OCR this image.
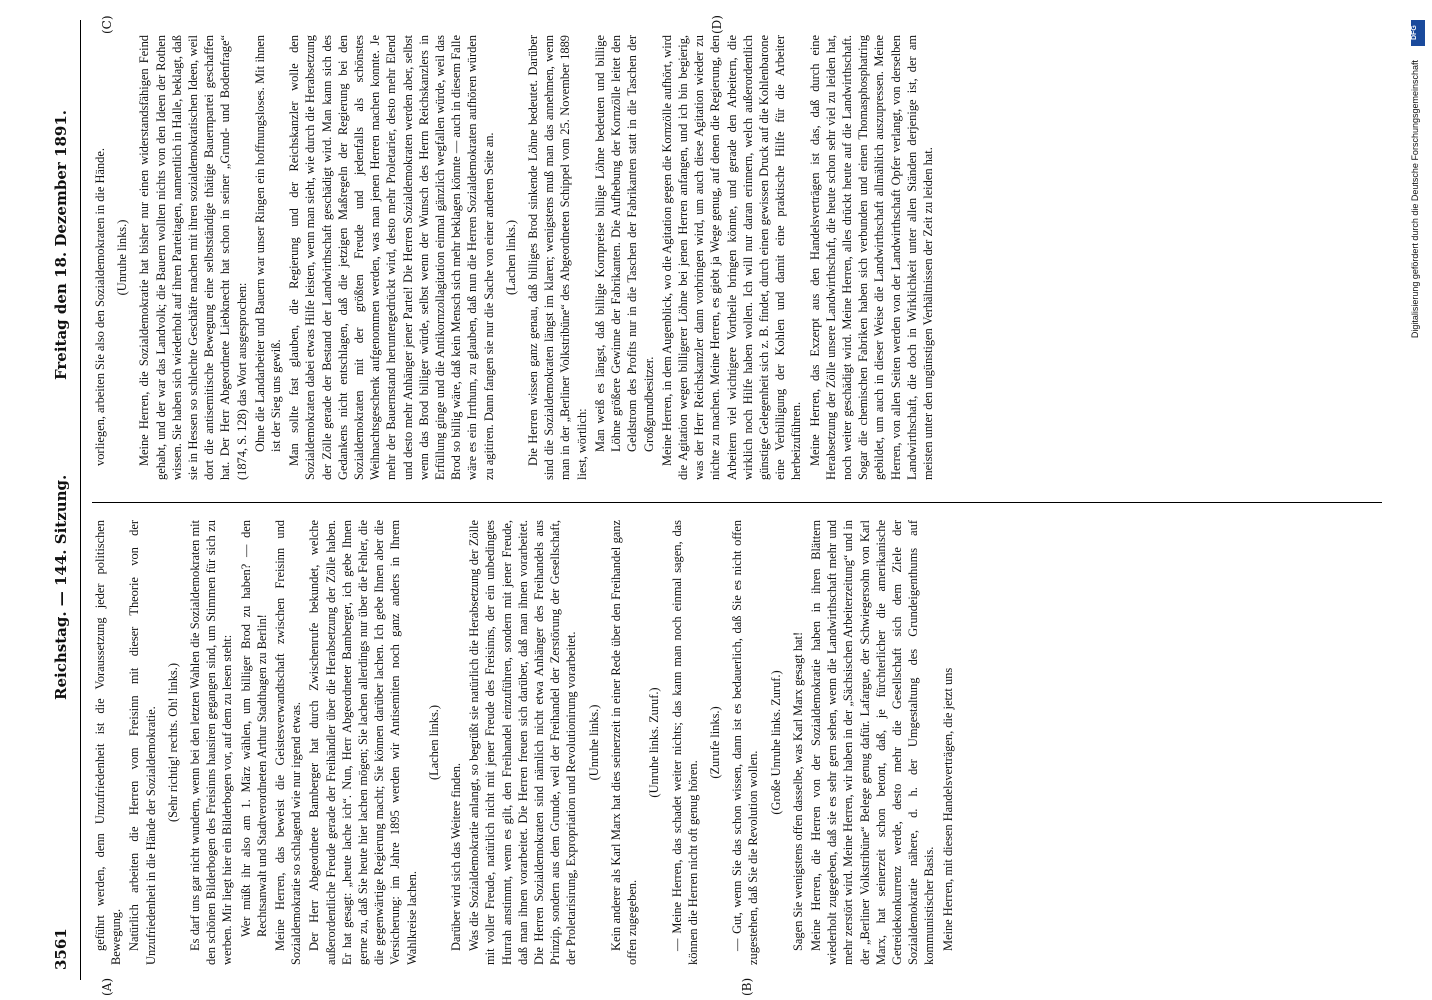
3561
Reichstag. — 144. Sitzung.
Freitag den 18. Dezember 1891.
(A)	(B)
(C)	(D)

geführt werden, denn Unzufriedenheit ist die Voraussetzung jeder politischen Bewegung. Natürlich arbeiten die Herren vom Freisinn mit dieser Theorie von der Unzufriedenheit in die Hände der Sozialdemokratie. (Sehr richtig! rechts. Oh! links.) Es darf uns gar nicht wundern, wenn bei den letzten Wahlen die Sozialdemokraten mit den schönen Bilderbogen des Freisinns hausiren gegangen sind, um Stimmen für sich zu werben. Mir liegt hier ein Bilderbogen vor, auf dem zu lesen steht: Wer müßt ihr also am 1. März wählen, um billiger Brod zu haben? — den Rechtsanwalt und Stadtverordneten Arthur Stadthagen zu Berlin! Meine Herren, das beweist die Geistesverwandtschaft zwischen Freisinn und Sozialdemokratie so schlagend wie nur irgend etwas. Der Herr Abgeordnete Bamberger hat durch Zwischenrufe bekundet, welche außerordentliche Freude gerade der Freihändler über die Herabsetzung der Zölle haben. Er hat gesagt: „heute lache ich“. Nun, Herr Abgeordneter Bamberger, ich gebe Ihnen gerne zu, daß Sie heute hier lachen mögen; Sie lachen allerdings nur über die Fehler, die die gegenwärtige Regierung macht; Sie können darüber lachen. Ich gebe Ihnen aber die Versicherung: im Jahre 1895 werden wir Antisemiten noch ganz anders in Ihrem Wahlkreise lachen.

(Lachen links.)

Darüber wird sich das Weitere finden. Was die Sozialdemokratie anlangt, so begrüßt sie natürlich die Herabsetzung der Zölle mit voller Freude, natürlich nicht mit jener Freude des Freisinns, der ein unbedingtes Hurrah anstimmt, wenn es gilt, den Freihandel einzuführen, sondern mit jener Freude, daß man ihnen vorarbeitet. Die Herren freuen sich darüber, daß man ihnen vorarbeitet. Die Herren Sozialdemokraten sind nämlich nicht etwa Anhänger des Freihandels aus Prinzip, sondern aus dem Grunde, weil der Freihandel der Zerstörung der Gesellschaft, der Proletarisirung, Expropriation und Revolutionirung vorarbeitet. (Unruhe links.) Kein anderer als Karl Marx hat dies seinerzeit in einer Rede über den Freihandel ganz offen zugegeben.

(Unruhe links. Zuruf.) — Meine Herren, das schadet weiter nichts; das kann man noch einmal sagen, das können die Herren nicht oft genug hören.

(Zurufe links.) — Gut, wenn Sie das schon wissen, dann ist es bedauerlich, daß Sie es nicht offen zugestehen, daß Sie die Revolution wollen.

(Große Unruhe links. Zuruf.) Sagen Sie wenigstens offen dasselbe, was Karl Marx gesagt hat! Meine Herren, die Herren von der Sozialdemokratie haben in ihren Blättern wiederholt zugegeben, daß sie es sehr gern sehen, wenn die Landwirthschaft mehr und mehr zerstört wird. Meine Herren, wir haben in der „Sächsischen Arbeiterzeitung“ und in der „Berliner Volkstribüne“ Belege genug dafür. Lafargue, der Schwiegersohn von Karl Marx, hat seinerzeit schon betont, daß, je fürchterlicher die amerikanische Getreidekonkurrenz werde, desto mehr die Gesellschaft sich dem Ziele der Sozialdemokratie nähere, d. h. der Umgestaltung des Grundeigenthums auf kommunistischer Basis. Meine Herren, mit diesen Handelsverträgen, die jetzt uns

vorliegen, arbeiten Sie also den Sozialdemokraten in die Hände. (Unruhe links.) Meine Herren, die Sozialdemokratie hat bisher nur einen widerstandsfähigen Feind gehabt, und der war das Landvolk; die Bauern wollten nichts von den Ideen der Rothen wissen. Sie haben sich wiederholt auf ihren Parteitagen, namentlich in Halle, beklagt, daß sie in Hessen so schlechte Geschäfte machen mit ihren sozialdemokratischen Ideen, weil dort die antisemitische Bewegung eine selbstständige thätige Bauernpartei geschaffen hat. Der Herr Abgeordnete Liebknecht hat schon in seiner „Grund- und Bodenfrage“ (1874, S. 128) das Wort ausgesprochen: Ohne die Landarbeiter und Bauern war unser Ringen ein hoffnungsloses. Mit ihnen ist der Sieg uns gewiß. Man sollte fast glauben, die Regierung und der Reichskanzler wolle den Sozialdemokraten dabei etwas Hilfe leisten, wenn man sieht, wie durch die Herabsetzung der Zölle gerade der Bestand der Landwirthschaft geschädigt wird. Man kann sich des Gedankens nicht entschlagen, daß die jetzigen Maßregeln der Regierung bei den Sozialdemokraten mit der größten Freude und jedenfalls als schönstes Weihnachtsgeschenk aufgenommen werden, was man jenen Herren machen konnte. Je mehr der Bauernstand heruntergedrückt wird, desto mehr Proletarier, desto mehr Elend und desto mehr Anhänger jener Partei! Die Herren Sozialdemokraten werden aber, selbst wenn das Brod billiger würde, selbst wenn der Wunsch des Herrn Reichskanzlers in Erfüllung ginge und die Antikornzollagitation einmal gänzlich wegfallen würde, weil das Brod so billig wäre, daß kein Mensch sich mehr beklagen könnte — auch in diesem Falle wäre es ein Irrthum, zu glauben, daß nun die Herren Sozialdemokraten aufhören würden zu agitiren. Dann fangen sie nur die Sache von einer anderen Seite an. (Lachen links.) Die Herren wissen ganz genau, daß billiges Brod sinkende Löhne bedeutet. Darüber sind die Sozialdemokraten längst im klaren; wenigstens muß man das annehmen, wenn man in der „Berliner Volkstribüne“ des Abgeordneten Schippel vom 25. November 1889 liest, wörtlich: Man weiß es längst, daß billige Kornpreise billige Löhne bedeuten und billige Löhne größere Gewinne der Fabrikanten. Die Aufhebung der Kornzölle leitet den Geldstrom des Profits nur in die Taschen der Fabrikanten statt in die Taschen der Großgrundbesitzer. Meine Herren, in dem Augenblick, wo die Agitation gegen die Kornzölle aufhört, wird die Agitation wegen billigerer Löhne bei jenen Herren anfangen, und ich bin begierig, was der Herr Reichskanzler dann vorbringen wird, um auch diese Agitation wieder zu nichte zu machen. Meine Herren, es giebt ja Wege genug, auf denen die Regierung, den Arbeitern viel wichtigere Vortheile bringen könnte, und gerade den Arbeitern, die wirklich noch Hilfe haben wollen. Ich will nur daran erinnern, welch außerordentlich günstige Gelegenheit sich z. B. findet, durch einen gewissen Druck auf die Kohlenbarone eine Verbilligung der Kohlen und damit eine praktische Hilfe für die Arbeiter herbeizuführen. Meine Herren, das Exzerpt aus den Handelsverträgen ist das, daß durch eine Herabsetzung der Zölle unsere Landwirthschaft, die heute schon sehr viel zu leiden hat, noch weiter geschädigt wird. Meine Herren, alles drückt heute auf die Landwirthschaft. Sogar die chemischen Fabriken haben sich verbunden und einen Thomasphosphatring gebildet, um auch in dieser Weise die Landwirthschaft allmählich auszupressen. Meine Herren, von allen Seiten werden von der Landwirthschaft Opfer verlangt, von derselben Landwirthschaft, die doch in Wirklichkeit unter allen Ständen derjenige ist, der am meisten unter den ungünstigen Verhältnissen der Zeit zu leiden hat.

DFG
Digitalisierung gefördert durch die Deutsche Forschungsgemeinschaft
